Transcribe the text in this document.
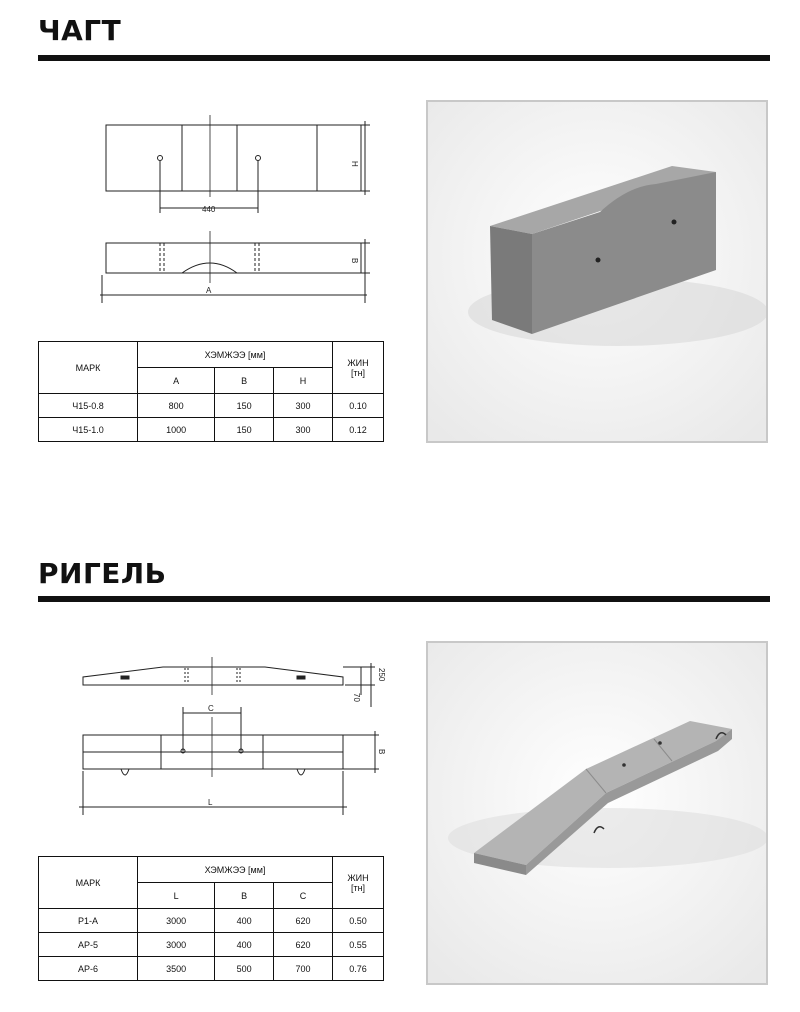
ЧАГТ
440
H
B
A
МАРК	ХЭМЖЭЭ [мм]			ЖИН
[тн]
	A	B	H	
Ч15-0.8	800	150	300	0.10
Ч15-1.0	1000	150	300	0.12
РИГЕЛЬ
250
70
C
B
L
МАРК	ХЭМЖЭЭ [мм]			ЖИН
[тн]
	L	B	C	
Р1-А	3000	400	620	0.50
АР-5	3000	400	620	0.55
АР-6	3500	500	700	0.76
